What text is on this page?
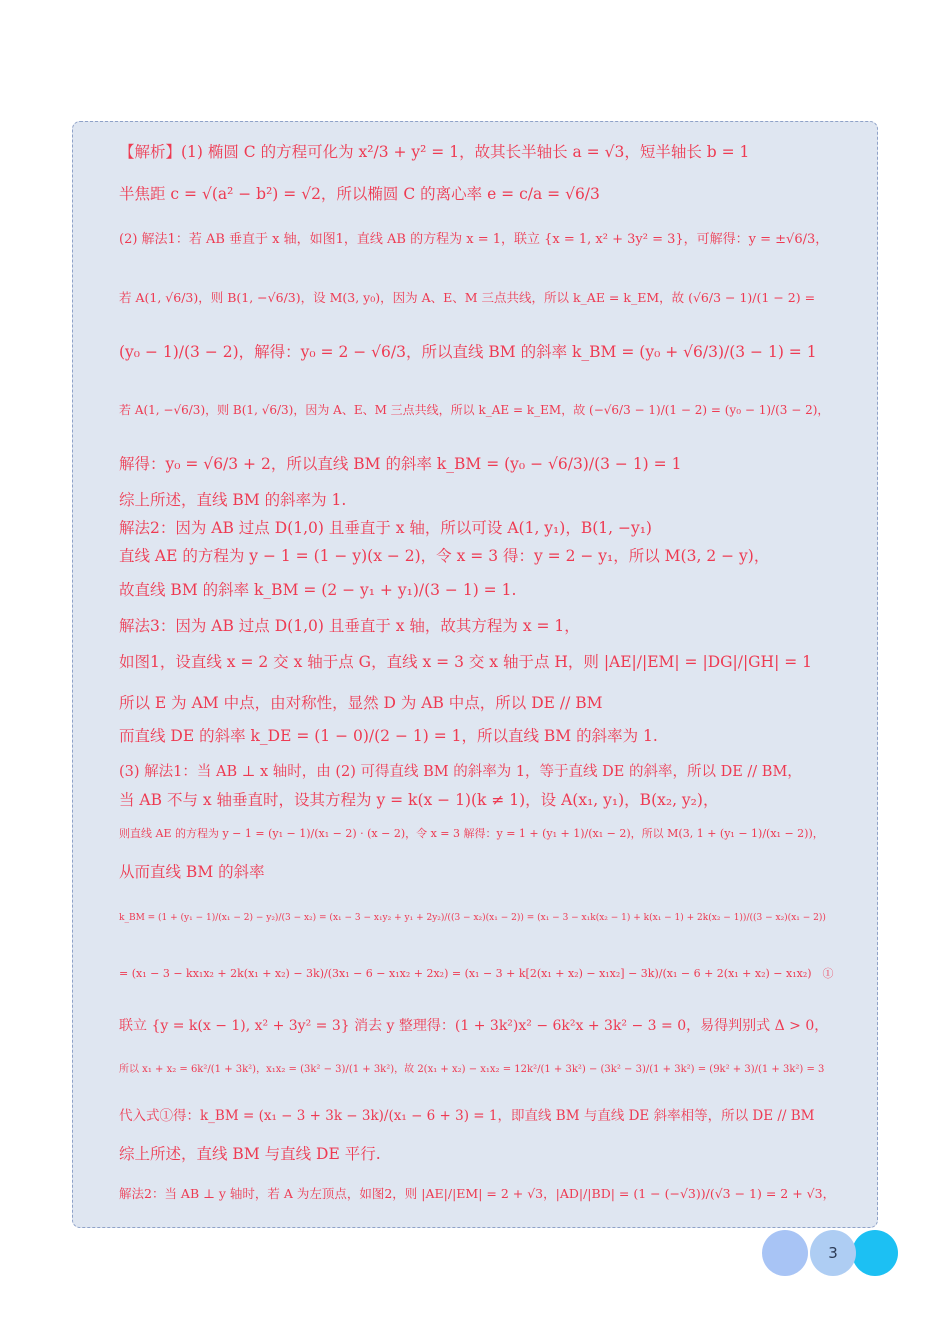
【解析】(1) 椭圆 C 的方程可化为 x²/3 + y² = 1，故其长半轴长 a = √3，短半轴长 b = 1

半焦距 c = √(a² − b²) = √2，所以椭圆 C 的离心率 e = c/a = √6/3

(2) 解法1：若 AB 垂直于 x 轴，如图1，直线 AB 的方程为 x = 1，联立 {x = 1, x² + 3y² = 3}，可解得：y = ±√6/3，

若 A(1, √6/3)，则 B(1, −√6/3)，设 M(3, y₀)，因为 A、E、M 三点共线，所以 k_AE = k_EM，故 (√6/3 − 1)/(1 − 2) =

(y₀ − 1)/(3 − 2)，解得：y₀ = 2 − √6/3，所以直线 BM 的斜率 k_BM = (y₀ + √6/3)/(3 − 1) = 1

若 A(1, −√6/3)，则 B(1, √6/3)，因为 A、E、M 三点共线，所以 k_AE = k_EM，故 (−√6/3 − 1)/(1 − 2) = (y₀ − 1)/(3 − 2)，

解得：y₀ = √6/3 + 2，所以直线 BM 的斜率 k_BM = (y₀ − √6/3)/(3 − 1) = 1

综上所述，直线 BM 的斜率为 1.

解法2：因为 AB 过点 D(1,0) 且垂直于 x 轴，所以可设 A(1, y₁)，B(1, −y₁)

直线 AE 的方程为 y − 1 = (1 − y)(x − 2)，令 x = 3 得：y = 2 − y₁，所以 M(3, 2 − y)，

故直线 BM 的斜率 k_BM = (2 − y₁ + y₁)/(3 − 1) = 1.

解法3：因为 AB 过点 D(1,0) 且垂直于 x 轴，故其方程为 x = 1，

如图1，设直线 x = 2 交 x 轴于点 G，直线 x = 3 交 x 轴于点 H，则 |AE|/|EM| = |DG|/|GH| = 1

所以 E 为 AM 中点，由对称性，显然 D 为 AB 中点，所以 DE // BM

而直线 DE 的斜率 k_DE = (1 − 0)/(2 − 1) = 1，所以直线 BM 的斜率为 1.

(3) 解法1：当 AB ⊥ x 轴时，由 (2) 可得直线 BM 的斜率为 1，等于直线 DE 的斜率，所以 DE // BM，

当 AB 不与 x 轴垂直时，设其方程为 y = k(x − 1)(k ≠ 1)，设 A(x₁, y₁)，B(x₂, y₂)，

则直线 AE 的方程为 y − 1 = (y₁ − 1)/(x₁ − 2) · (x − 2)，令 x = 3 解得：y = 1 + (y₁ + 1)/(x₁ − 2)，所以 M(3, 1 + (y₁ − 1)/(x₁ − 2))，

从而直线 BM 的斜率

k_BM = (1 + (y₁ − 1)/(x₁ − 2) − y₂)/(3 − x₂) = (x₁ − 3 − x₁y₂ + y₁ + 2y₂)/((3 − x₂)(x₁ − 2)) = (x₁ − 3 − x₁k(x₂ − 1) + k(x₁ − 1) + 2k(x₂ − 1))/((3 − x₂)(x₁ − 2))

= (x₁ − 3 − kx₁x₂ + 2k(x₁ + x₂) − 3k)/(3x₁ − 6 − x₁x₂ + 2x₂) = (x₁ − 3 + k[2(x₁ + x₂) − x₁x₂] − 3k)/(x₁ − 6 + 2(x₁ + x₂) − x₁x₂)　①

联立 {y = k(x − 1), x² + 3y² = 3} 消去 y 整理得：(1 + 3k²)x² − 6k²x + 3k² − 3 = 0，易得判别式 Δ > 0，

所以 x₁ + x₂ = 6k²/(1 + 3k²)，x₁x₂ = (3k² − 3)/(1 + 3k²)，故 2(x₁ + x₂) − x₁x₂ = 12k²/(1 + 3k²) − (3k² − 3)/(1 + 3k²) = (9k² + 3)/(1 + 3k²) = 3

代入式①得：k_BM = (x₁ − 3 + 3k − 3k)/(x₁ − 6 + 3) = 1，即直线 BM 与直线 DE 斜率相等，所以 DE // BM

综上所述，直线 BM 与直线 DE 平行.

解法2：当 AB ⊥ y 轴时，若 A 为左顶点，如图2，则 |AE|/|EM| = 2 + √3，|AD|/|BD| = (1 − (−√3))/(√3 − 1) = 2 + √3，

3
